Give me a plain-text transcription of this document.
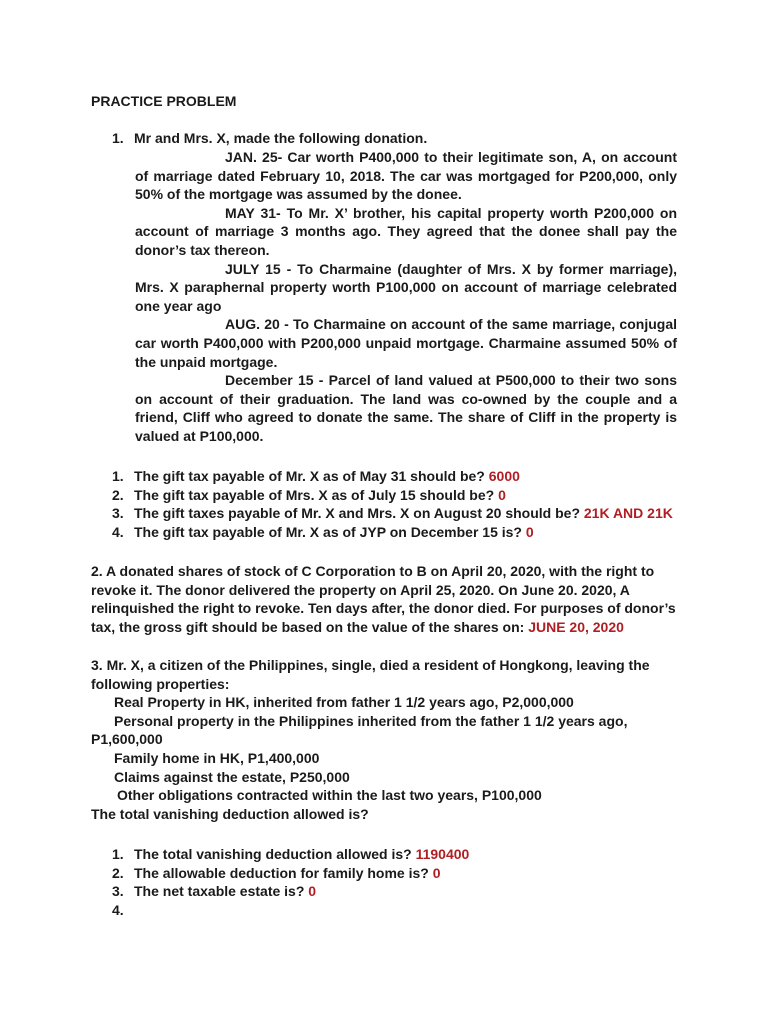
PRACTICE PROBLEM
1. Mr and Mrs. X, made the following donation.

JAN. 25- Car worth P400,000 to their legitimate son, A, on account of marriage dated February 10, 2018. The car was mortgaged for P200,000, only 50% of the mortgage was assumed by the donee.

MAY 31- To Mr. X’ brother, his capital property worth P200,000 on account of marriage 3 months ago. They agreed that the donee shall pay the donor’s tax thereon.

JULY 15 - To Charmaine (daughter of Mrs. X by former marriage), Mrs. X paraphernal property worth P100,000 on account of marriage celebrated one year ago

AUG. 20 - To Charmaine on account of the same marriage, conjugal car worth P400,000 with P200,000 unpaid mortgage. Charmaine assumed 50% of the unpaid mortgage.

December 15 - Parcel of land valued at P500,000 to their two sons on account of their graduation. The land was co-owned by the couple and a friend, Cliff who agreed to donate the same. The share of Cliff in the property is valued at P100,000.

1. The gift tax payable of Mr. X as of May 31 should be? 6000
2. The gift tax payable of Mrs. X as of July 15 should be? 0
3. The gift taxes payable of Mr. X and Mrs. X on August 20 should be? 21K AND 21K
4. The gift tax payable of Mr. X as of JYP on December 15 is? 0

2. A donated shares of stock of C Corporation to B on April 20, 2020, with the right to

revoke it. The donor delivered the property on April 25, 2020. On June 20. 2020, A

relinquished the right to revoke. Ten days after, the donor died. For purposes of donor’s

tax, the gross gift should be based on the value of the shares on: JUNE 20, 2020

3. Mr. X, a citizen of the Philippines, single, died a resident of Hongkong, leaving the

following properties:

Real Property in HK, inherited from father 1 1/2 years ago, P2,000,000

Personal property in the Philippines inherited from the father 1 1/2 years ago,

P1,600,000

Family home in HK, P1,400,000

Claims against the estate, P250,000

Other obligations contracted within the last two years, P100,000

The total vanishing deduction allowed is?

1. The total vanishing deduction allowed is? 1190400
2. The allowable deduction for family home is? 0
3. The net taxable estate is? 0
4.
